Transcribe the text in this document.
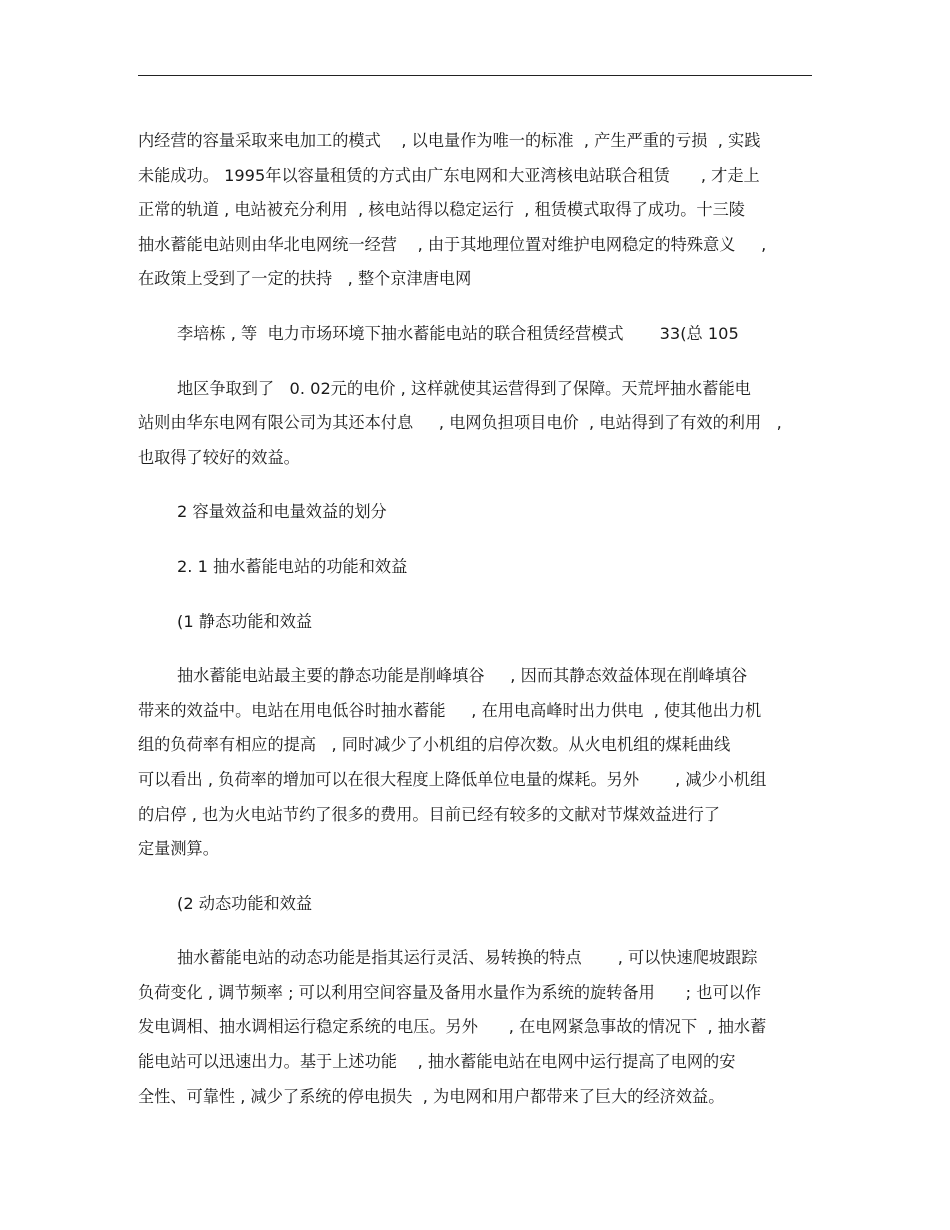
内经营的容量采取来电加工的模式    , 以电量作为唯一的标准  , 产生严重的亏损  , 实践
未能成功。 1995年以容量租赁的方式由广东电网和大亚湾核电站联合租赁      , 才走上
正常的轨道 , 电站被充分利用  , 核电站得以稳定运行  , 租赁模式取得了成功。十三陵
抽水蓄能电站则由华北电网统一经营    , 由于其地理位置对维护电网稳定的特殊意义     ,
在政策上受到了一定的扶持   , 整个京津唐电网

李培栋 , 等  电力市场环境下抽水蓄能电站的联合租赁经营模式       33(总 105

地区争取到了   0. 02元的电价 , 这样就使其运营得到了保障。天荒坪抽水蓄能电
站则由华东电网有限公司为其还本付息     , 电网负担项目电价  , 电站得到了有效的利用   ,
也取得了较好的效益。

2 容量效益和电量效益的划分

2. 1 抽水蓄能电站的功能和效益

(1 静态功能和效益

抽水蓄能电站最主要的静态功能是削峰填谷     , 因而其静态效益体现在削峰填谷
带来的效益中。电站在用电低谷时抽水蓄能     , 在用电高峰时出力供电  , 使其他出力机
组的负荷率有相应的提高   , 同时减少了小机组的启停次数。从火电机组的煤耗曲线
可以看出 , 负荷率的增加可以在很大程度上降低单位电量的煤耗。另外       , 减少小机组
的启停 , 也为火电站节约了很多的费用。目前已经有较多的文献对节煤效益进行了
定量测算。

(2 动态功能和效益

抽水蓄能电站的动态功能是指其运行灵活、易转换的特点       , 可以快速爬坡跟踪
负荷变化 , 调节频率 ; 可以利用空间容量及备用水量作为系统的旋转备用      ; 也可以作
发电调相、抽水调相运行稳定系统的电压。另外      , 在电网紧急事故的情况下  , 抽水蓄
能电站可以迅速出力。基于上述功能    , 抽水蓄能电站在电网中运行提高了电网的安
全性、可靠性 , 减少了系统的停电损失  , 为电网和用户都带来了巨大的经济效益。
